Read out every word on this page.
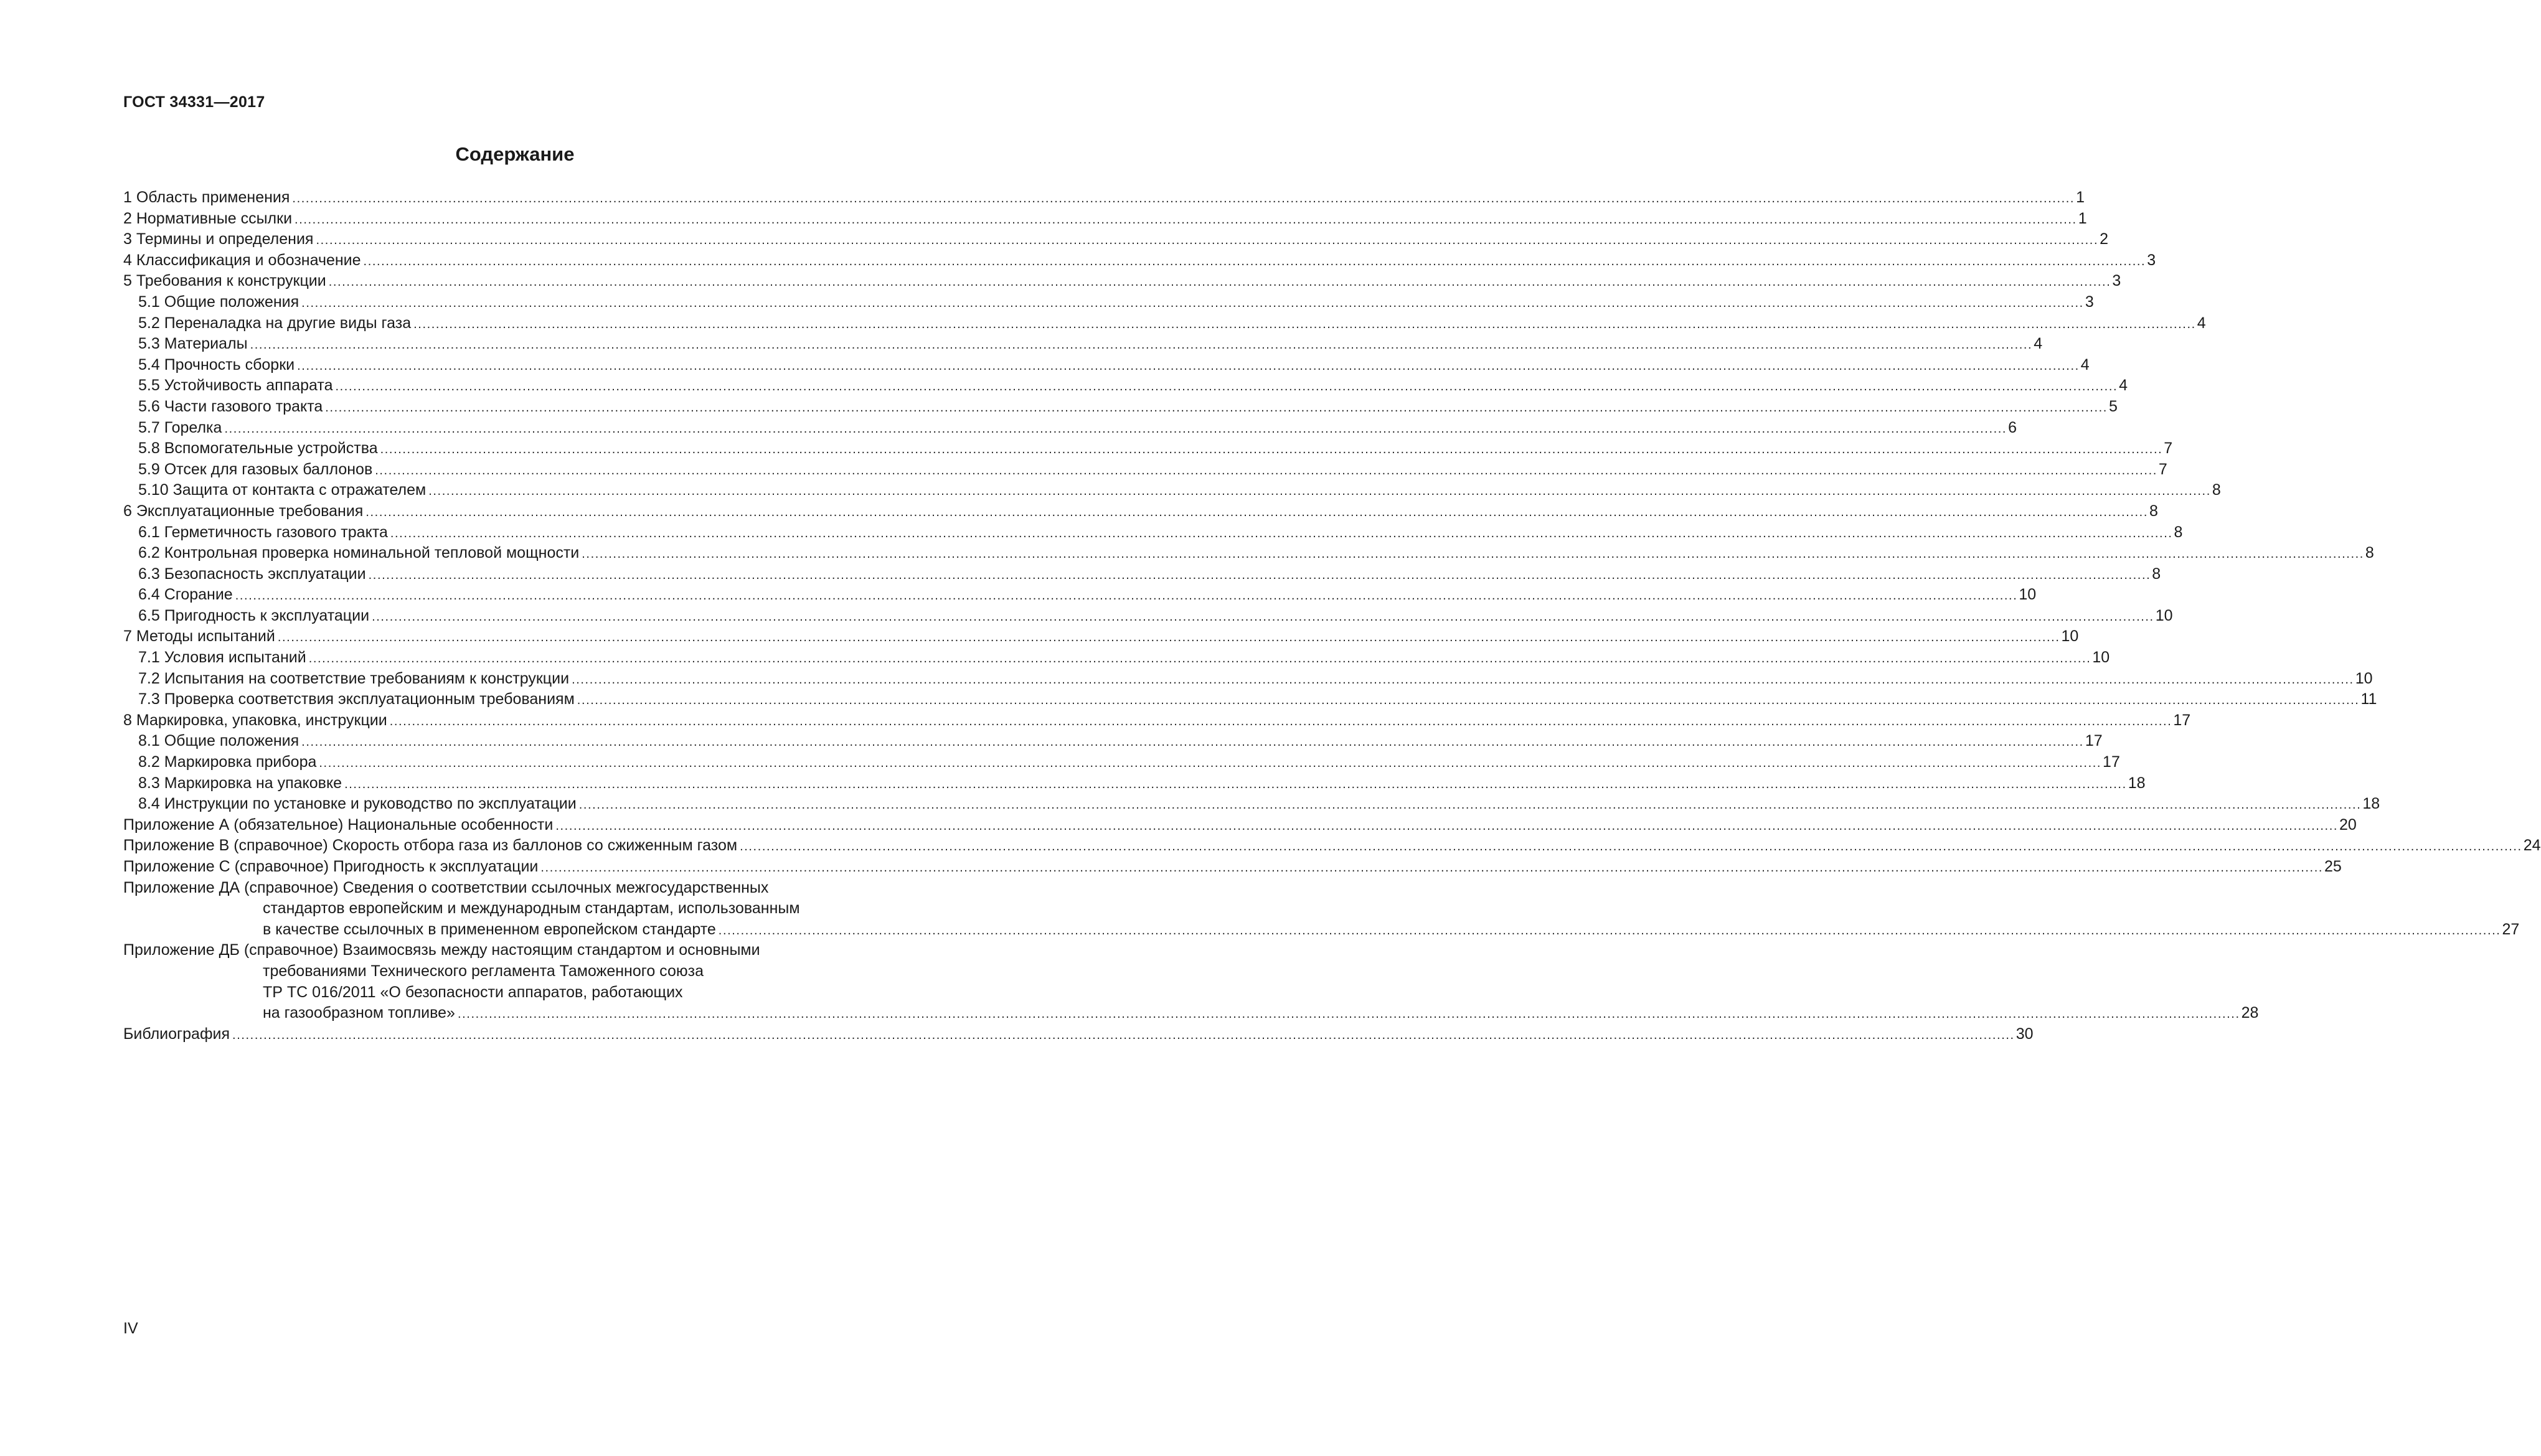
ГОСТ 34331—2017
Содержание
1 Область применения ................................................................................................................................................................................................................................................................................................................................................................................................................ 1
2 Нормативные ссылки ................................................................................................................................................................................................................................................................................................................................................................................................................ 1
3 Термины и определения ................................................................................................................................................................................................................................................................................................................................................................................................................ 2
4 Классификация и обозначение ................................................................................................................................................................................................................................................................................................................................................................................................................ 3
5 Требования к конструкции ................................................................................................................................................................................................................................................................................................................................................................................................................ 3
5.1 Общие положения ................................................................................................................................................................................................................................................................................................................................................................................................................ 3
5.2 Переналадка на другие виды газа ................................................................................................................................................................................................................................................................................................................................................................................................................ 4
5.3 Материалы ................................................................................................................................................................................................................................................................................................................................................................................................................ 4
5.4 Прочность сборки ................................................................................................................................................................................................................................................................................................................................................................................................................ 4
5.5 Устойчивость аппарата ................................................................................................................................................................................................................................................................................................................................................................................................................ 4
5.6 Части газового тракта ................................................................................................................................................................................................................................................................................................................................................................................................................ 5
5.7 Горелка ................................................................................................................................................................................................................................................................................................................................................................................................................ 6
5.8 Вспомогательные устройства ................................................................................................................................................................................................................................................................................................................................................................................................................ 7
5.9 Отсек для газовых баллонов ................................................................................................................................................................................................................................................................................................................................................................................................................ 7
5.10 Защита от контакта с отражателем ................................................................................................................................................................................................................................................................................................................................................................................................................ 8
6 Эксплуатационные требования ................................................................................................................................................................................................................................................................................................................................................................................................................ 8
6.1 Герметичность газового тракта ................................................................................................................................................................................................................................................................................................................................................................................................................ 8
6.2 Контрольная проверка номинальной тепловой мощности ................................................................................................................................................................................................................................................................................................................................................................................................................ 8
6.3 Безопасность эксплуатации ................................................................................................................................................................................................................................................................................................................................................................................................................ 8
6.4 Сгорание ................................................................................................................................................................................................................................................................................................................................................................................................................ 10
6.5 Пригодность к эксплуатации ................................................................................................................................................................................................................................................................................................................................................................................................................ 10
7 Методы испытаний ................................................................................................................................................................................................................................................................................................................................................................................................................ 10
7.1 Условия испытаний ................................................................................................................................................................................................................................................................................................................................................................................................................ 10
7.2 Испытания на соответствие требованиям к конструкции ................................................................................................................................................................................................................................................................................................................................................................................................................ 10
7.3 Проверка соответствия эксплуатационным требованиям ................................................................................................................................................................................................................................................................................................................................................................................................................ 11
8 Маркировка, упаковка, инструкции ................................................................................................................................................................................................................................................................................................................................................................................................................ 17
8.1 Общие положения ................................................................................................................................................................................................................................................................................................................................................................................................................ 17
8.2 Маркировка прибора ................................................................................................................................................................................................................................................................................................................................................................................................................ 17
8.3 Маркировка на упаковке ................................................................................................................................................................................................................................................................................................................................................................................................................ 18
8.4 Инструкции по установке и руководство по эксплуатации ................................................................................................................................................................................................................................................................................................................................................................................................................ 18
Приложение А (обязательное) Национальные особенности ................................................................................................................................................................................................................................................................................................................................................................................................................ 20
Приложение В (справочное) Скорость отбора газа из баллонов со сжиженным газом ................................................................................................................................................................................................................................................................................................................................................................................................................ 24
Приложение С (справочное) Пригодность к эксплуатации ................................................................................................................................................................................................................................................................................................................................................................................................................ 25
Приложение ДА (справочное) Сведения о соответствии ссылочных межгосударственных
стандартов европейским и международным стандартам, использованным
в качестве ссылочных в примененном европейском стандарте ................................................................................................................................................................................................................................................................................................................................................................................................................ 27
Приложение ДБ (справочное) Взаимосвязь между настоящим стандартом и основными
требованиями Технического регламента Таможенного союза
ТР ТС 016/2011 «О безопасности аппаратов, работающих
на газообразном топливе» ................................................................................................................................................................................................................................................................................................................................................................................................................ 28
Библиография ................................................................................................................................................................................................................................................................................................................................................................................................................ 30
IV
